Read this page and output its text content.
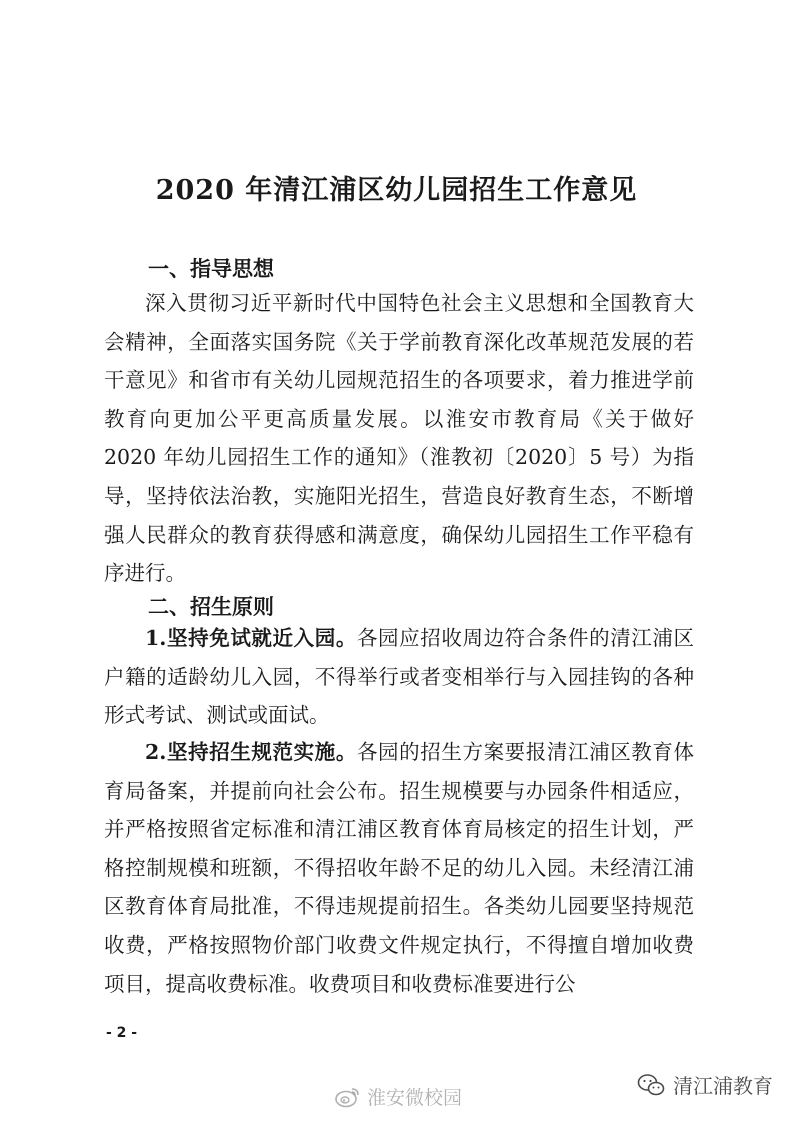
2020 年清江浦区幼儿园招生工作意见
一、指导思想

深入贯彻习近平新时代中国特色社会主义思想和全国教育大会精神，全面落实国务院《关于学前教育深化改革规范发展的若干意见》和省市有关幼儿园规范招生的各项要求，着力推进学前教育向更加公平更高质量发展。以淮安市教育局《关于做好 2020 年幼儿园招生工作的通知》（淮教初〔2020〕5 号）为指导，坚持依法治教，实施阳光招生，营造良好教育生态，不断增强人民群众的教育获得感和满意度，确保幼儿园招生工作平稳有序进行。

二、招生原则

1.坚持免试就近入园。各园应招收周边符合条件的清江浦区户籍的适龄幼儿入园，不得举行或者变相举行与入园挂钩的各种形式考试、测试或面试。

2.坚持招生规范实施。各园的招生方案要报清江浦区教育体育局备案，并提前向社会公布。招生规模要与办园条件相适应，并严格按照省定标准和清江浦区教育体育局核定的招生计划，严格控制规模和班额，不得招收年龄不足的幼儿入园。未经清江浦区教育体育局批准，不得违规提前招生。各类幼儿园要坚持规范收费，严格按照物价部门收费文件规定执行，不得擅自增加收费项目，提高收费标准。收费项目和收费标准要进行公

- 2 -
淮安微校园	清江浦教育
